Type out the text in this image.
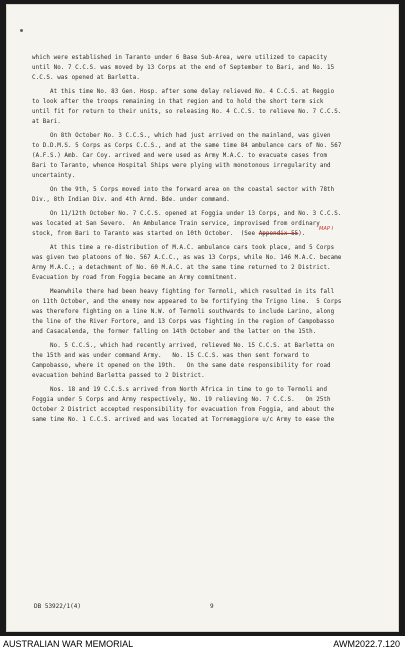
which were established in Taranto under 6 Base Sub-Area, were utilized to capacity
until No. 7 C.C.S. was moved by 13 Corps at the end of September to Bari, and No. 15
C.C.S. was opened at Barletta.
At this time No. 83 Gen. Hosp. after some delay relieved No. 4 C.C.S. at Reggio
to look after the troops remaining in that region and to hold the short term sick
until fit for return to their units, so releasing No. 4 C.C.S. to relieve No. 7 C.C.S.
at Bari.
On 8th October No. 3 C.C.S., which had just arrived on the mainland, was given
to D.D.M.S. 5 Corps as Corps C.C.S., and at the same time 84 ambulance cars of No. 567
(A.F.S.) Amb. Car Coy. arrived and were used as Army M.A.C. to evacuate cases from
Bari to Taranto, whence Hospital Ships were plying with monotonous irregularity and
uncertainty.
On the 9th, 5 Corps moved into the forward area on the coastal sector with 78th
Div., 8th Indian Div. and 4th Armd. Bde. under command.
On 11/12th October No. 7 C.C.S. opened at Foggia under 13 Corps, and No. 3 C.C.S.
was located at San Severo.  An Ambulance Train service, improvised from ordinary
stock, from Bari to Taranto was started on 10th October.  (See Appendix 55).
MAP I
At this time a re-distribution of M.A.C. ambulance cars took place, and 5 Corps
was given two platoons of No. 567 A.C.C., as was 13 Corps, while No. 146 M.A.C. became
Army M.A.C.; a detachment of No. 60 M.A.C. at the same time returned to 2 District.
Evacuation by road from Foggia became an Army commitment.
Meanwhile there had been heavy fighting for Termoli, which resulted in its fall
on 11th October, and the enemy now appeared to be fortifying the Trigno line.  5 Corps
was therefore fighting on a line N.W. of Termoli southwards to include Larino, along
the line of the River Fortore, and 13 Corps was fighting in the region of Campobasso
and Casacalenda, the former falling on 14th October and the latter on the 15th.
No. 5 C.C.S., which had recently arrived, relieved No. 15 C.C.S. at Barletta on
the 15th and was under command Army.   No. 15 C.C.S. was then sent forward to
Campobasso, where it opened on the 19th.   On the same date responsibility for road
evacuation behind Barletta passed to 2 District.
Nos. 18 and 19 C.C.S.s arrived from North Africa in time to go to Termoli and
Foggia under 5 Corps and Army respectively, No. 19 relieving No. 7 C.C.S.   On 25th
October 2 District accepted responsibility for evacuation from Foggia, and about the
same time No. 1 C.C.S. arrived and was located at Torremaggiore u/c Army to ease the
DB 53922/1(4)	9
AUSTRALIAN WAR MEMORIAL	AWM2022.7.120
